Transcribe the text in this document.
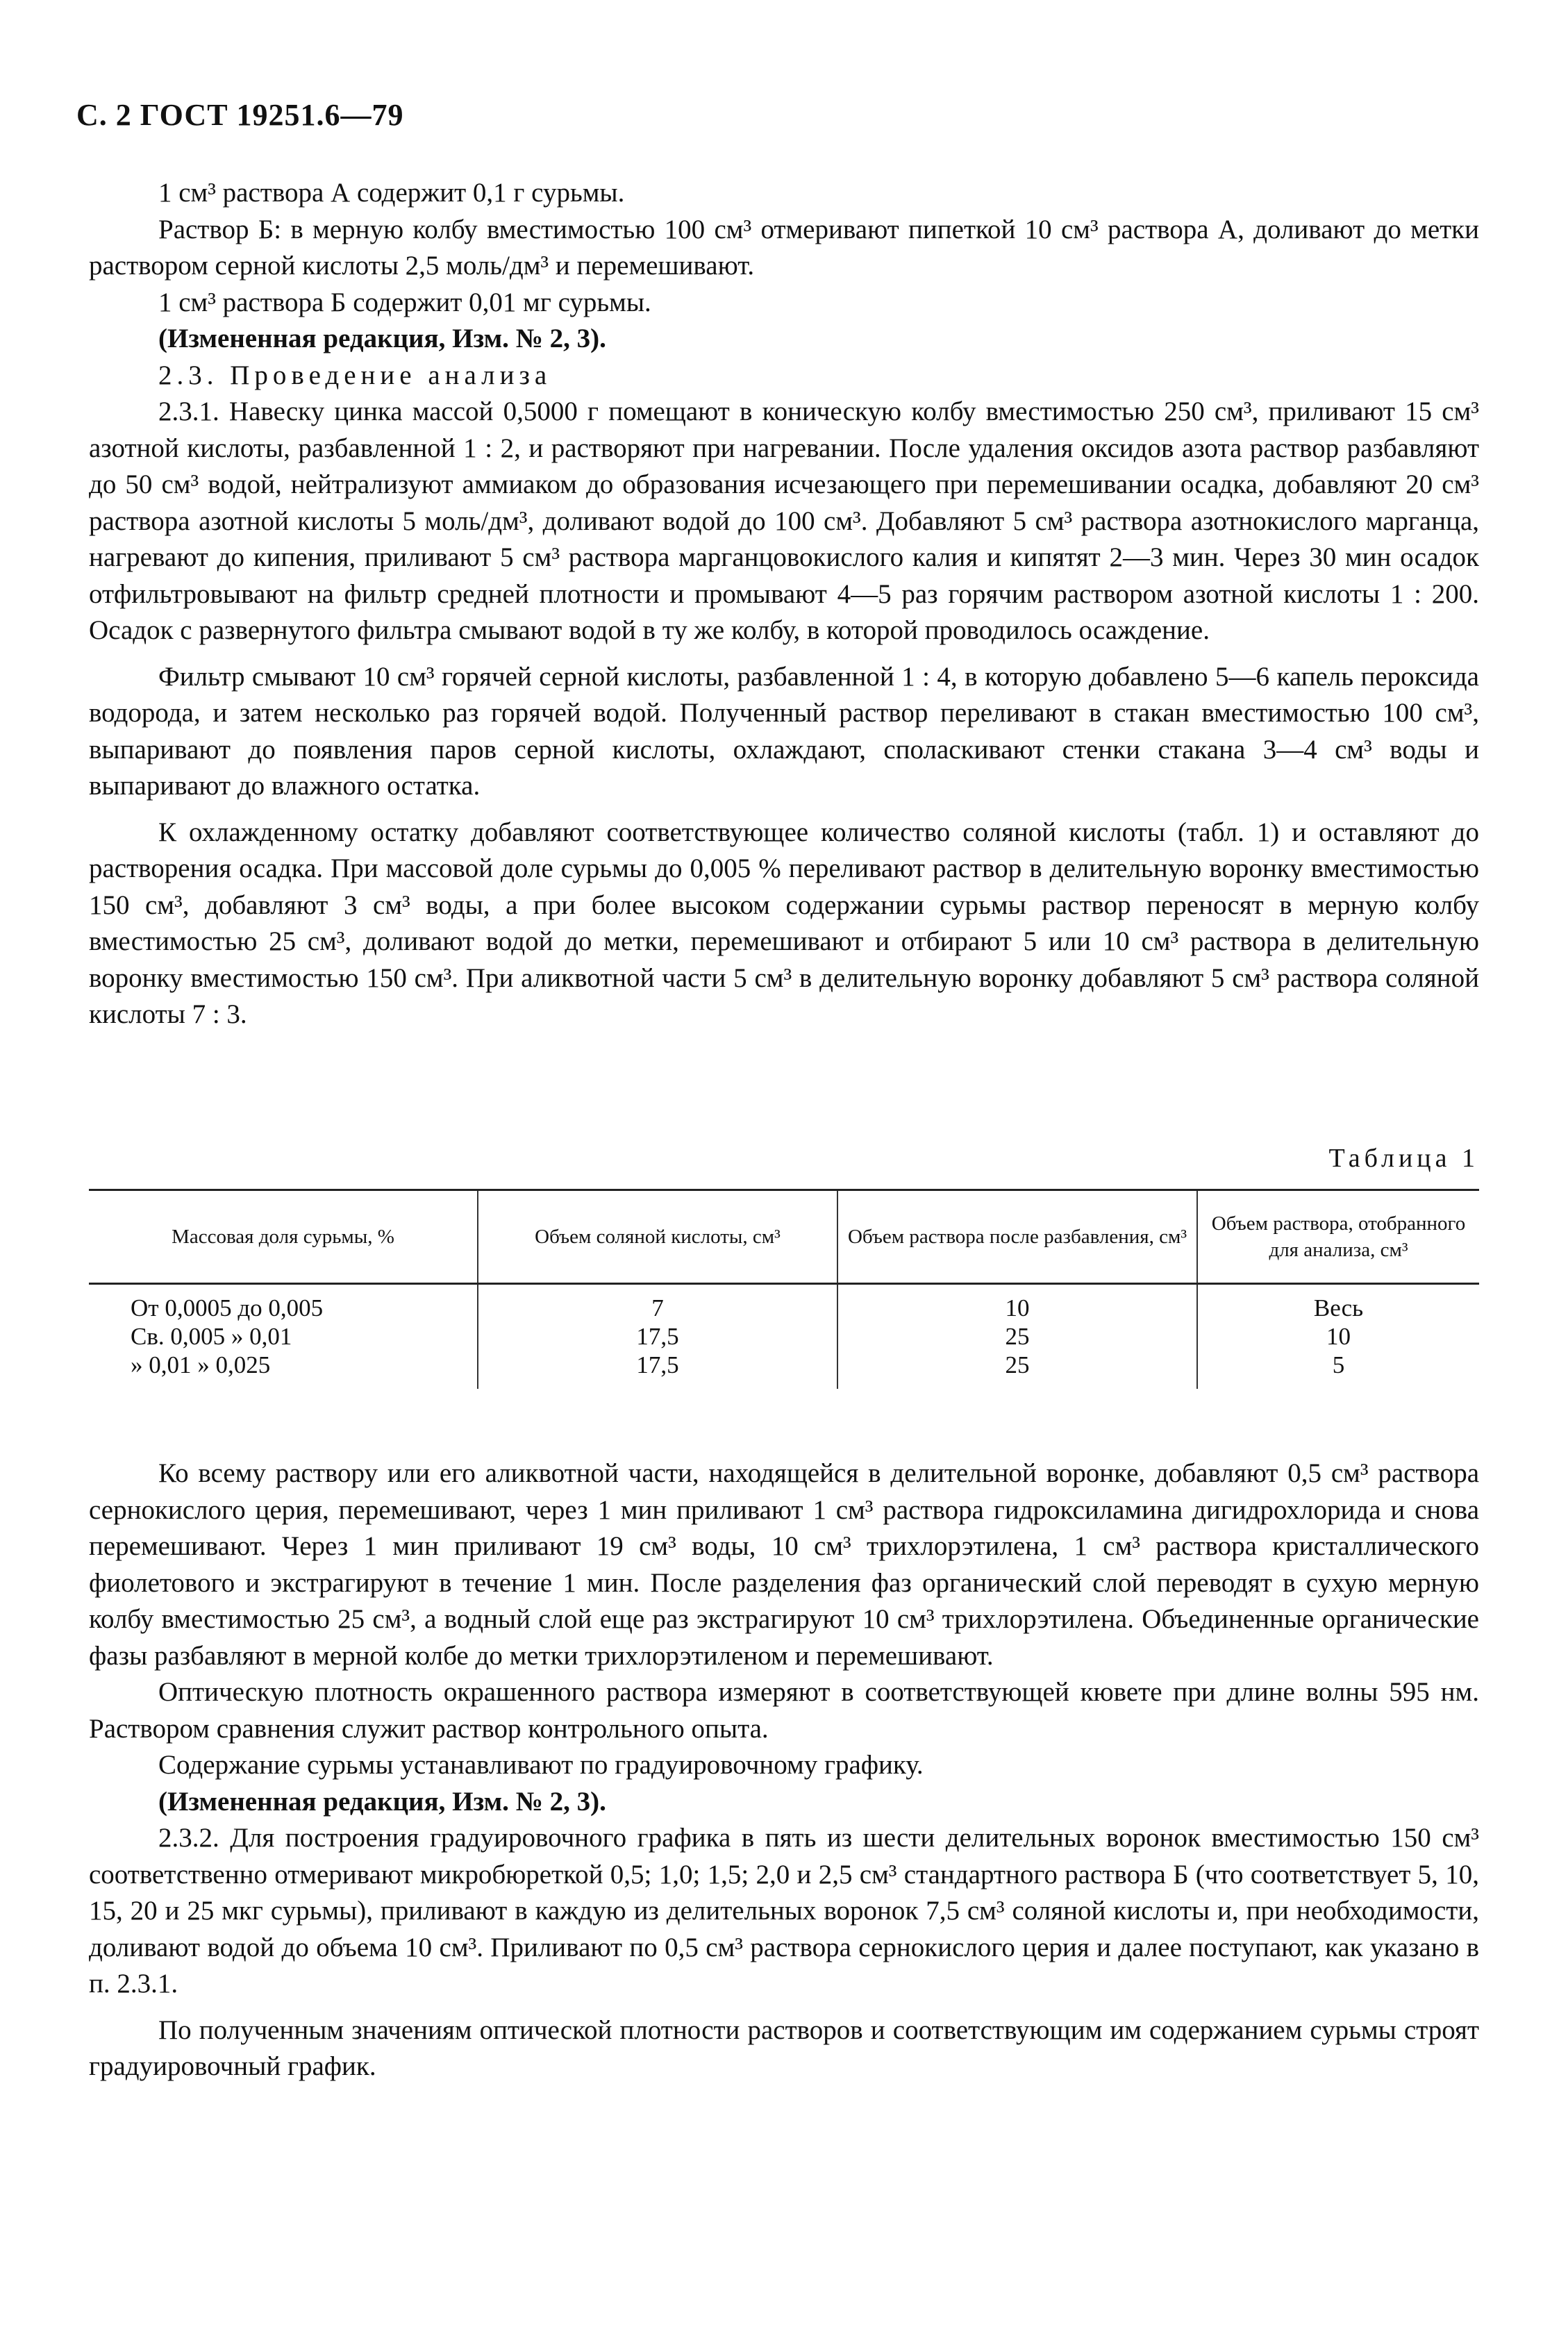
С. 2 ГОСТ 19251.6—79

1 см³ раствора А содержит 0,1 г сурьмы.

Раствор Б: в мерную колбу вместимостью 100 см³ отмеривают пипеткой 10 см³ раствора А, доливают до метки раствором серной кислоты 2,5 моль/дм³ и перемешивают.

1 см³ раствора Б содержит 0,01 мг сурьмы.

(Измененная редакция, Изм. № 2, 3).

2.3. Проведение анализа

2.3.1. Навеску цинка массой 0,5000 г помещают в коническую колбу вместимостью 250 см³, приливают 15 см³ азотной кислоты, разбавленной 1 : 2, и растворяют при нагревании. После удаления оксидов азота раствор разбавляют до 50 см³ водой, нейтрализуют аммиаком до образования исчезающего при перемешивании осадка, добавляют 20 см³ раствора азотной кислоты 5 моль/дм³, доливают водой до 100 см³. Добавляют 5 см³ раствора азотнокислого марганца, нагревают до кипения, приливают 5 см³ раствора марганцовокислого калия и кипятят 2—3 мин. Через 30 мин осадок отфильтровывают на фильтр средней плотности и промывают 4—5 раз горячим раствором азотной кислоты 1 : 200. Осадок с развернутого фильтра смывают водой в ту же колбу, в которой проводилось осаждение.

Фильтр смывают 10 см³ горячей серной кислоты, разбавленной 1 : 4, в которую добавлено 5—6 капель пероксида водорода, и затем несколько раз горячей водой. Полученный раствор переливают в стакан вместимостью 100 см³, выпаривают до появления паров серной кислоты, охлаждают, споласкивают стенки стакана 3—4 см³ воды и выпаривают до влажного остатка.

К охлажденному остатку добавляют соответствующее количество соляной кислоты (табл. 1) и оставляют до растворения осадка. При массовой доле сурьмы до 0,005 % переливают раствор в делительную воронку вместимостью 150 см³, добавляют 3 см³ воды, а при более высоком содержании сурьмы раствор переносят в мерную колбу вместимостью 25 см³, доливают водой до метки, перемешивают и отбирают 5 или 10 см³ раствора в делительную воронку вместимостью 150 см³. При аликвотной части 5 см³ в делительную воронку добавляют 5 см³ раствора соляной кислоты 7 : 3.

Таблица 1
Массовая доля сурьмы, %	Объем соляной кислоты, см³	Объем раствора после разбавления, см³	Объем раствора, отобранного для анализа, см³
От 0,0005 до 0,005	7	10	Весь
Св. 0,005 » 0,01	17,5	25	10
» 0,01 » 0,025	17,5	25	5

Ко всему раствору или его аликвотной части, находящейся в делительной воронке, добавляют 0,5 см³ раствора сернокислого церия, перемешивают, через 1 мин приливают 1 см³ раствора гидроксиламина дигидрохлорида и снова перемешивают. Через 1 мин приливают 19 см³ воды, 10 см³ трихлорэтилена, 1 см³ раствора кристаллического фиолетового и экстрагируют в течение 1 мин. После разделения фаз органический слой переводят в сухую мерную колбу вместимостью 25 см³, а водный слой еще раз экстрагируют 10 см³ трихлорэтилена. Объединенные органические фазы разбавляют в мерной колбе до метки трихлорэтиленом и перемешивают.

Оптическую плотность окрашенного раствора измеряют в соответствующей кювете при длине волны 595 нм. Раствором сравнения служит раствор контрольного опыта.

Содержание сурьмы устанавливают по градуировочному графику.

(Измененная редакция, Изм. № 2, 3).

2.3.2. Для построения градуировочного графика в пять из шести делительных воронок вместимостью 150 см³ соответственно отмеривают микробюреткой 0,5; 1,0; 1,5; 2,0 и 2,5 см³ стандартного раствора Б (что соответствует 5, 10, 15, 20 и 25 мкг сурьмы), приливают в каждую из делительных воронок 7,5 см³ соляной кислоты и, при необходимости, доливают водой до объема 10 см³. Приливают по 0,5 см³ раствора сернокислого церия и далее поступают, как указано в п. 2.3.1.

По полученным значениям оптической плотности растворов и соответствующим им содержанием сурьмы строят градуировочный график.
